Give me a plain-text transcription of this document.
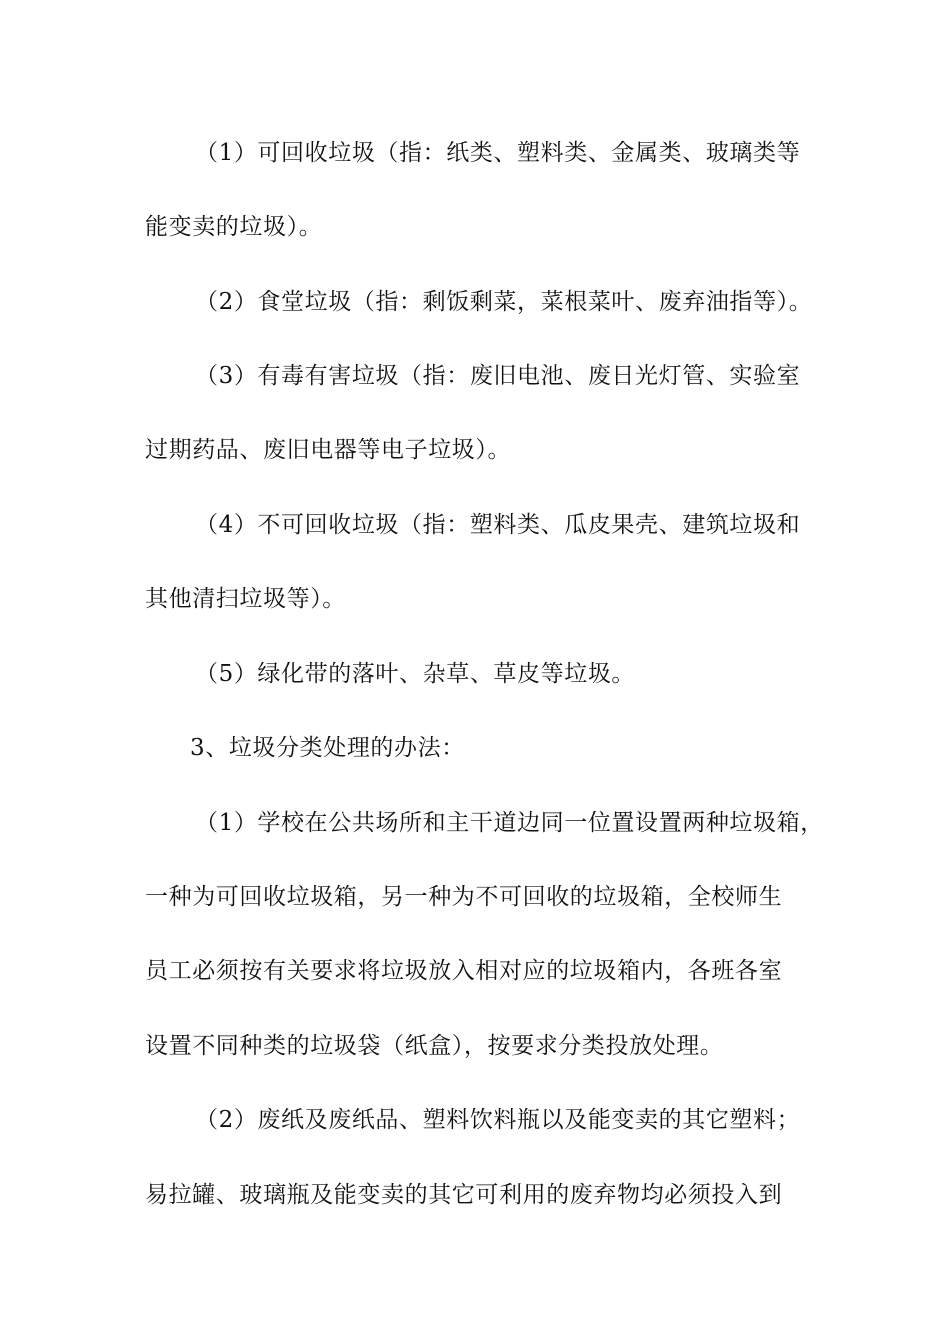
（1）可回收垃圾（指：纸类、塑料类、金属类、玻璃类等
能变卖的垃圾）。
（2）食堂垃圾（指：剩饭剩菜，菜根菜叶、废弃油指等）。
（3）有毒有害垃圾（指：废旧电池、废日光灯管、实验室
过期药品、废旧电器等电子垃圾）。
（4）不可回收垃圾（指：塑料类、瓜皮果壳、建筑垃圾和
其他清扫垃圾等）。
（5）绿化带的落叶、杂草、草皮等垃圾。
3、垃圾分类处理的办法：
（1）学校在公共场所和主干道边同一位置设置两种垃圾箱，
一种为可回收垃圾箱，另一种为不可回收的垃圾箱，全校师生
员工必须按有关要求将垃圾放入相对应的垃圾箱内，各班各室
设置不同种类的垃圾袋（纸盒），按要求分类投放处理。
（2）废纸及废纸品、塑料饮料瓶以及能变卖的其它塑料；
易拉罐、玻璃瓶及能变卖的其它可利用的废弃物均必须投入到
